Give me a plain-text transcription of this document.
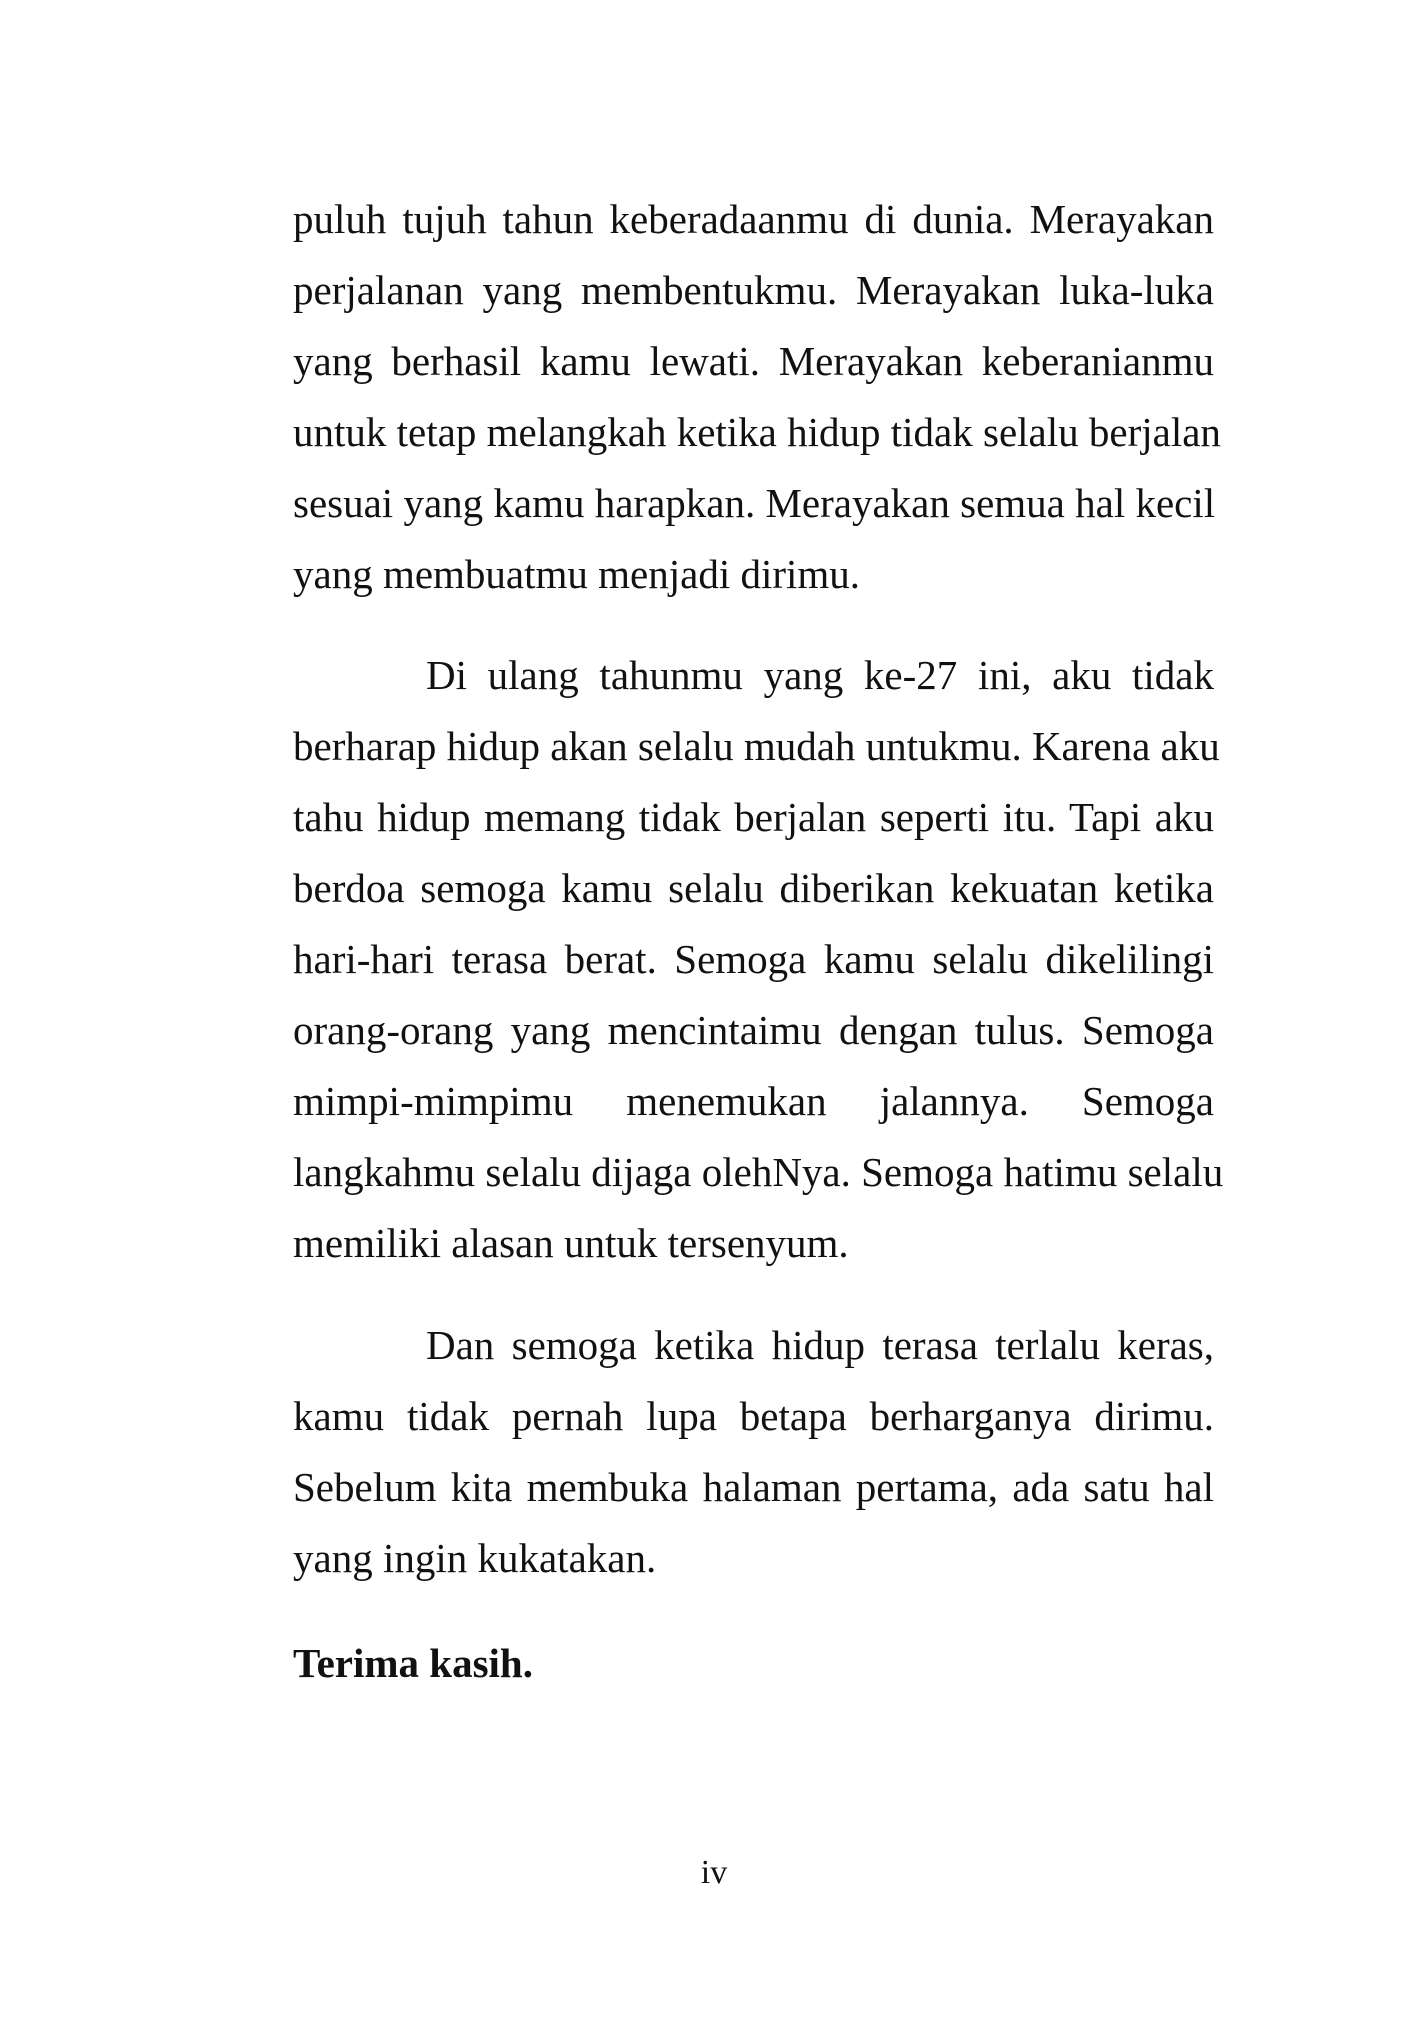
puluh tujuh tahun keberadaanmu di dunia. Merayakan
perjalanan yang membentukmu. Merayakan luka-luka
yang berhasil kamu lewati. Merayakan keberanianmu
untuk tetap melangkah ketika hidup tidak selalu berjalan
sesuai yang kamu harapkan. Merayakan semua hal kecil
yang membuatmu menjadi dirimu.
Di ulang tahunmu yang ke-27 ini, aku tidak
berharap hidup akan selalu mudah untukmu. Karena aku
tahu hidup memang tidak berjalan seperti itu. Tapi aku
berdoa semoga kamu selalu diberikan kekuatan ketika
hari-hari terasa berat. Semoga kamu selalu dikelilingi
orang-orang yang mencintaimu dengan tulus. Semoga
mimpi-mimpimu menemukan jalannya. Semoga
langkahmu selalu dijaga olehNya. Semoga hatimu selalu
memiliki alasan untuk tersenyum.
Dan semoga ketika hidup terasa terlalu keras,
kamu tidak pernah lupa betapa berharganya dirimu.
Sebelum kita membuka halaman pertama, ada satu hal
yang ingin kukatakan.
Terima kasih.
iv
